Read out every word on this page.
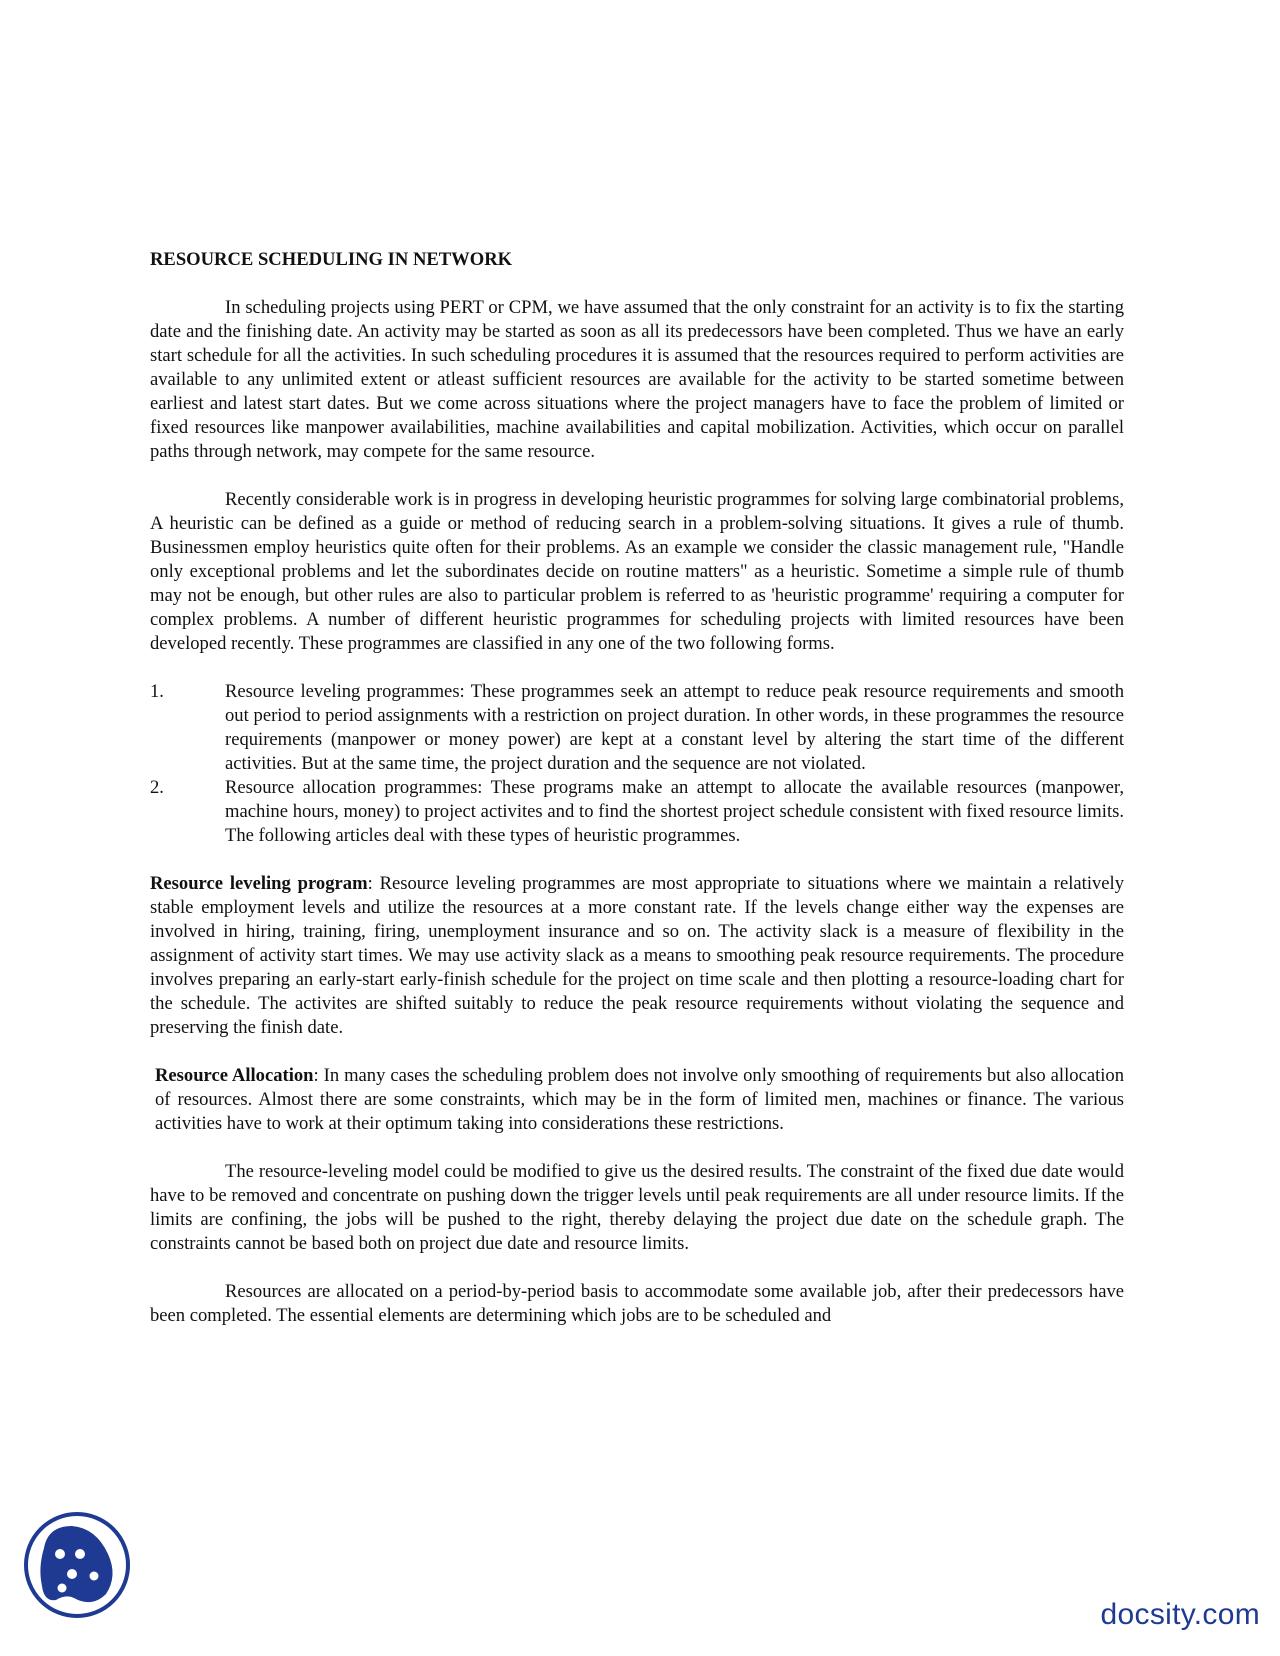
RESOURCE SCHEDULING IN NETWORK

In scheduling projects using PERT or CPM, we have assumed that the only constraint for an activity is to fix the starting date and the finishing date. An activity may be started as soon as all its predecessors have been completed. Thus we have an early start schedule for all the activities. In such scheduling procedures it is assumed that the resources required to perform activities are available to any unlimited extent or atleast sufficient resources are available for the activity to be started sometime between earliest and latest start dates. But we come across situations where the project managers have to face the problem of limited or fixed resources like manpower availabilities, machine availabilities and capital mobilization. Activities, which occur on parallel paths through network, may compete for the same resource.

Recently considerable work is in progress in developing heuristic programmes for solving large combinatorial problems, A heuristic can be defined as a guide or method of reducing search in a problem-solving situations. It gives a rule of thumb. Businessmen employ heuristics quite often for their problems. As an example we consider the classic management rule, "Handle only exceptional problems and let the subordinates decide on routine matters" as a heuristic. Sometime a simple rule of thumb may not be enough, but other rules are also to particular problem is referred to as 'heuristic programme' requiring a computer for complex problems. A number of different heuristic programmes for scheduling projects with limited resources have been developed recently. These programmes are classified in any one of the two following forms.

1.	Resource leveling programmes: These programmes seek an attempt to reduce peak resource requirements and smooth out period to period assignments with a restriction on project duration. In other words, in these programmes the resource requirements (manpower or money power) are kept at a constant level by altering the start time of the different activities. But at the same time, the project duration and the sequence are not violated.
2.	Resource allocation programmes: These programs make an attempt to allocate the available resources (manpower, machine hours, money) to project activites and to find the shortest project schedule consistent with fixed resource limits. The following articles deal with these types of heuristic programmes.

Resource leveling program: Resource leveling programmes are most appropriate to situations where we maintain a relatively stable employment levels and utilize the resources at a more constant rate. If the levels change either way the expenses are involved in hiring, training, firing, unemployment insurance and so on. The activity slack is a measure of flexibility in the assignment of activity start times. We may use activity slack as a means to smoothing peak resource requirements. The procedure involves preparing an early-start early-finish schedule for the project on time scale and then plotting a resource-loading chart for the schedule. The activites are shifted suitably to reduce the peak resource requirements without violating the sequence and preserving the finish date.

Resource Allocation: In many cases the scheduling problem does not involve only smoothing of requirements but also allocation of resources. Almost there are some constraints, which may be in the form of limited men, machines or finance. The various activities have to work at their optimum taking into considerations these restrictions.

The resource-leveling model could be modified to give us the desired results. The constraint of the fixed due date would have to be removed and concentrate on pushing down the trigger levels until peak requirements are all under resource limits. If the limits are confining, the jobs will be pushed to the right, thereby delaying the project due date on the schedule graph. The constraints cannot be based both on project due date and resource limits.

Resources are allocated on a period-by-period basis to accommodate some available job, after their predecessors have been completed. The essential elements are determining which jobs are to be scheduled and

docsity.com
